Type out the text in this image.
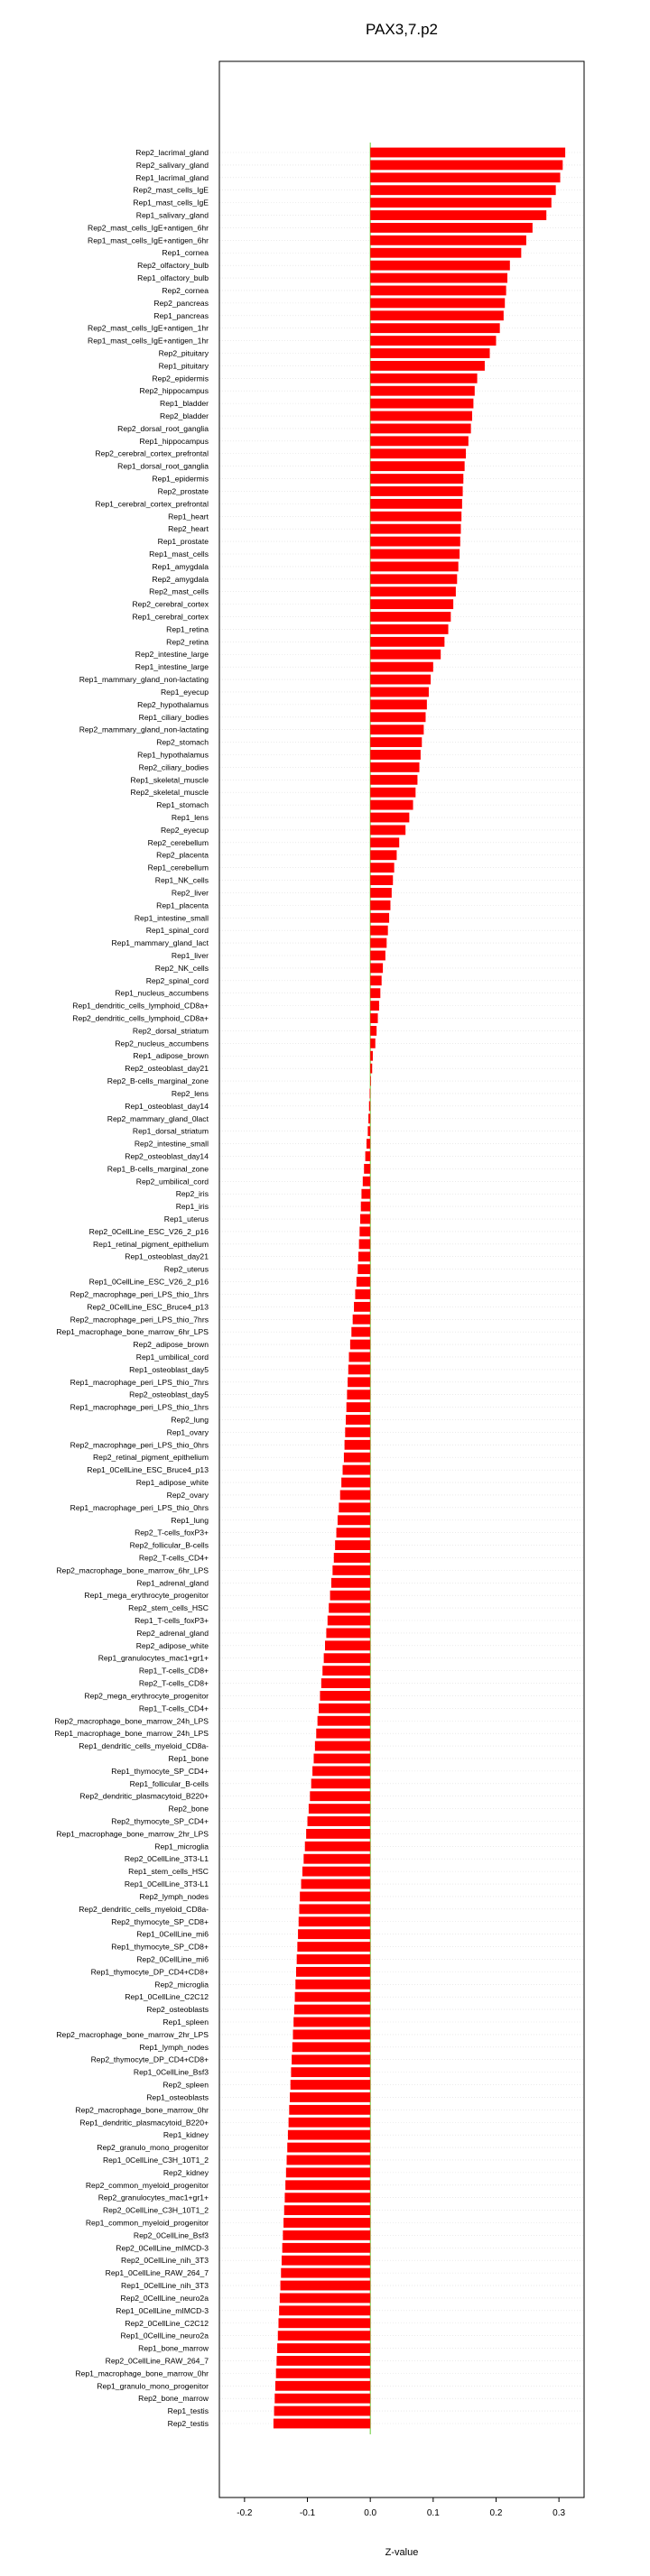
Rep2_lacrimal_gland
Rep2_salivary_gland
Rep1_lacrimal_gland
Rep2_mast_cells_IgE
Rep1_mast_cells_IgE
Rep1_salivary_gland
Rep2_mast_cells_IgE+antigen_6hr
Rep1_mast_cells_IgE+antigen_6hr
Rep1_cornea
Rep2_olfactory_bulb
Rep1_olfactory_bulb
Rep2_cornea
Rep2_pancreas
Rep1_pancreas
Rep2_mast_cells_IgE+antigen_1hr
Rep1_mast_cells_IgE+antigen_1hr
Rep2_pituitary
Rep1_pituitary
Rep2_epidermis
Rep2_hippocampus
Rep1_bladder
Rep2_bladder
Rep2_dorsal_root_ganglia
Rep1_hippocampus
Rep2_cerebral_cortex_prefrontal
Rep1_dorsal_root_ganglia
Rep1_epidermis
Rep2_prostate
Rep1_cerebral_cortex_prefrontal
Rep1_heart
Rep2_heart
Rep1_prostate
Rep1_mast_cells
Rep1_amygdala
Rep2_amygdala
Rep2_mast_cells
Rep2_cerebral_cortex
Rep1_cerebral_cortex
Rep1_retina
Rep2_retina
Rep2_intestine_large
Rep1_intestine_large
Rep1_mammary_gland_non-lactating
Rep1_eyecup
Rep2_hypothalamus
Rep1_ciliary_bodies
Rep2_mammary_gland_non-lactating
Rep2_stomach
Rep1_hypothalamus
Rep2_ciliary_bodies
Rep1_skeletal_muscle
Rep2_skeletal_muscle
Rep1_stomach
Rep1_lens
Rep2_eyecup
Rep2_cerebellum
Rep2_placenta
Rep1_cerebellum
Rep1_NK_cells
Rep2_liver
Rep1_placenta
Rep1_intestine_small
Rep1_spinal_cord
Rep1_mammary_gland_lact
Rep1_liver
Rep2_NK_cells
Rep2_spinal_cord
Rep1_nucleus_accumbens
Rep1_dendritic_cells_lymphoid_CD8a+
Rep2_dendritic_cells_lymphoid_CD8a+
Rep2_dorsal_striatum
Rep2_nucleus_accumbens
Rep1_adipose_brown
Rep2_osteoblast_day21
Rep2_B-cells_marginal_zone
Rep2_lens
Rep1_osteoblast_day14
Rep2_mammary_gland_0lact
Rep1_dorsal_striatum
Rep2_intestine_small
Rep2_osteoblast_day14
Rep1_B-cells_marginal_zone
Rep2_umbilical_cord
Rep2_iris
Rep1_iris
Rep1_uterus
Rep2_0CellLine_ESC_V26_2_p16
Rep1_retinal_pigment_epithelium
Rep1_osteoblast_day21
Rep2_uterus
Rep1_0CellLine_ESC_V26_2_p16
Rep2_macrophage_peri_LPS_thio_1hrs
Rep2_0CellLine_ESC_Bruce4_p13
Rep2_macrophage_peri_LPS_thio_7hrs
Rep1_macrophage_bone_marrow_6hr_LPS
Rep2_adipose_brown
Rep1_umbilical_cord
Rep1_osteoblast_day5
Rep1_macrophage_peri_LPS_thio_7hrs
Rep2_osteoblast_day5
Rep1_macrophage_peri_LPS_thio_1hrs
Rep2_lung
Rep1_ovary
Rep2_macrophage_peri_LPS_thio_0hrs
Rep2_retinal_pigment_epithelium
Rep1_0CellLine_ESC_Bruce4_p13
Rep1_adipose_white
Rep2_ovary
Rep1_macrophage_peri_LPS_thio_0hrs
Rep1_lung
Rep2_T-cells_foxP3+
Rep2_follicular_B-cells
Rep2_T-cells_CD4+
Rep2_macrophage_bone_marrow_6hr_LPS
Rep1_adrenal_gland
Rep1_mega_erythrocyte_progenitor
Rep2_stem_cells_HSC
Rep1_T-cells_foxP3+
Rep2_adrenal_gland
Rep2_adipose_white
Rep1_granulocytes_mac1+gr1+
Rep1_T-cells_CD8+
Rep2_T-cells_CD8+
Rep2_mega_erythrocyte_progenitor
Rep1_T-cells_CD4+
Rep2_macrophage_bone_marrow_24h_LPS
Rep1_macrophage_bone_marrow_24h_LPS
Rep1_dendritic_cells_myeloid_CD8a-
Rep1_bone
Rep1_thymocyte_SP_CD4+
Rep1_follicular_B-cells
Rep2_dendritic_plasmacytoid_B220+
Rep2_bone
Rep2_thymocyte_SP_CD4+
Rep1_macrophage_bone_marrow_2hr_LPS
Rep1_microglia
Rep2_0CellLine_3T3-L1
Rep1_stem_cells_HSC
Rep1_0CellLine_3T3-L1
Rep2_lymph_nodes
Rep2_dendritic_cells_myeloid_CD8a-
Rep2_thymocyte_SP_CD8+
Rep1_0CellLine_mi6
Rep1_thymocyte_SP_CD8+
Rep2_0CellLine_mi6
Rep1_thymocyte_DP_CD4+CD8+
Rep2_microglia
Rep1_0CellLine_C2C12
Rep2_osteoblasts
Rep1_spleen
Rep2_macrophage_bone_marrow_2hr_LPS
Rep1_lymph_nodes
Rep2_thymocyte_DP_CD4+CD8+
Rep1_0CellLine_Bsf3
Rep2_spleen
Rep1_osteoblasts
Rep2_macrophage_bone_marrow_0hr
Rep1_dendritic_plasmacytoid_B220+
Rep1_kidney
Rep2_granulo_mono_progenitor
Rep1_0CellLine_C3H_10T1_2
Rep2_kidney
Rep2_common_myeloid_progenitor
Rep2_granulocytes_mac1+gr1+
Rep2_0CellLine_C3H_10T1_2
Rep1_common_myeloid_progenitor
Rep2_0CellLine_Bsf3
Rep2_0CellLine_mIMCD-3
Rep2_0CellLine_nih_3T3
Rep1_0CellLine_RAW_264_7
Rep1_0CellLine_nih_3T3
Rep2_0CellLine_neuro2a
Rep1_0CellLine_mIMCD-3
Rep2_0CellLine_C2C12
Rep1_0CellLine_neuro2a
Rep1_bone_marrow
Rep2_0CellLine_RAW_264_7
Rep1_macrophage_bone_marrow_0hr
Rep1_granulo_mono_progenitor
Rep2_bone_marrow
Rep1_testis
Rep2_testis
-0.2	-0.1	0.0	0.1	0.2	0.3
PAX3,7.p2
Z-value
